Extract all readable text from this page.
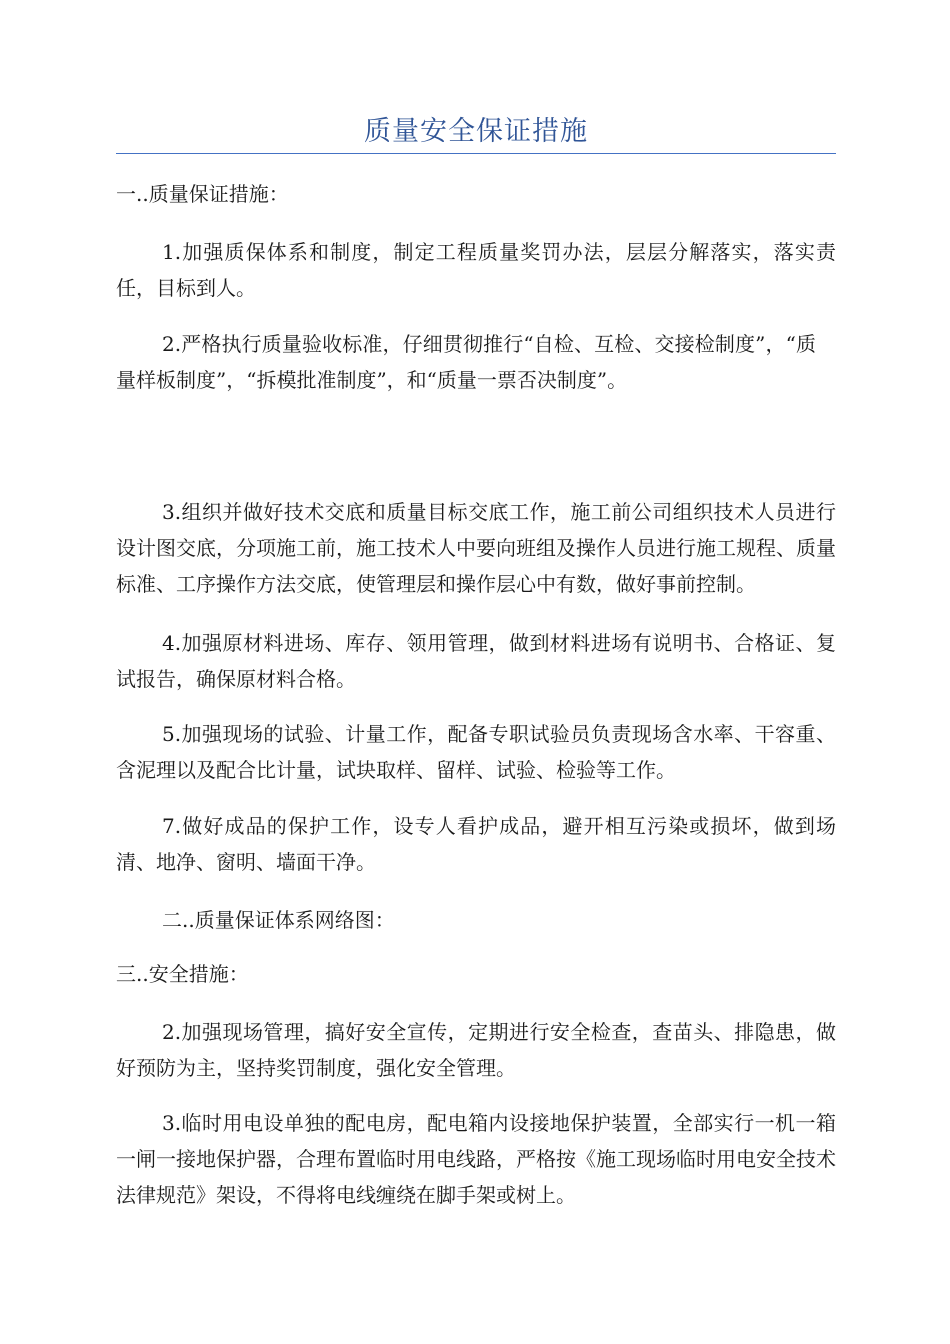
质量安全保证措施
一..质量保证措施：
1.加强质保体系和制度，制定工程质量奖罚办法，层层分解落实，落实责任，目标到人。
2.严格执行质量验收标准，仔细贯彻推行“自检、互检、交接检制度”，“质量样板制度”，“拆模批准制度”，和“质量一票否决制度”。
3.组织并做好技术交底和质量目标交底工作，施工前公司组织技术人员进行设计图交底，分项施工前，施工技术人中要向班组及操作人员进行施工规程、质量标准、工序操作方法交底，使管理层和操作层心中有数，做好事前控制。
4.加强原材料进场、库存、领用管理，做到材料进场有说明书、合格证、复试报告，确保原材料合格。
5.加强现场的试验、计量工作，配备专职试验员负责现场含水率、干容重、含泥理以及配合比计量，试块取样、留样、试验、检验等工作。
7.做好成品的保护工作，设专人看护成品，避开相互污染或损坏，做到场清、地净、窗明、墙面干净。
二..质量保证体系网络图：
三..安全措施：
2.加强现场管理，搞好安全宣传，定期进行安全检查，查苗头、排隐患，做好预防为主，坚持奖罚制度，强化安全管理。
3.临时用电设单独的配电房，配电箱内设接地保护装置，全部实行一机一箱一闸一接地保护器，合理布置临时用电线路，严格按《施工现场临时用电安全技术法律规范》架设，不得将电线缠绕在脚手架或树上。
